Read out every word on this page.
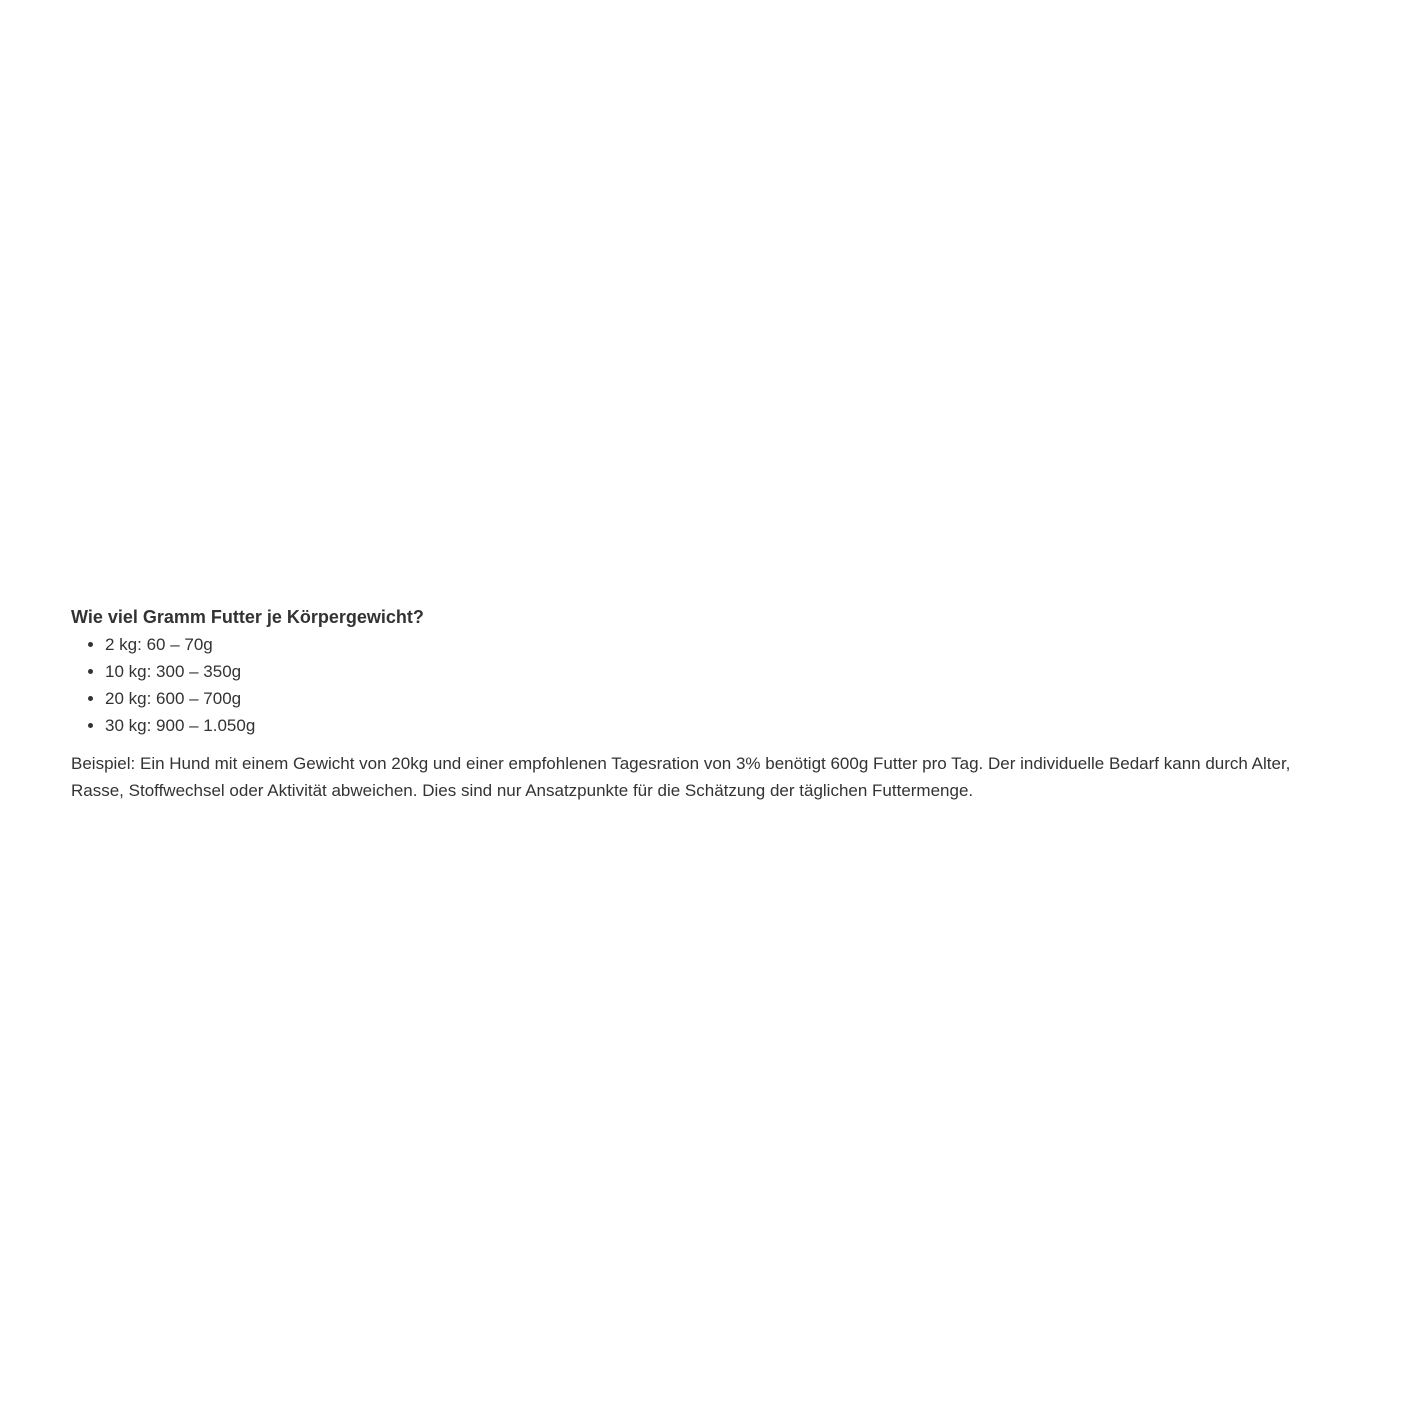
Wie viel Gramm Futter je Körpergewicht?
• 2 kg: 60 – 70g
• 10 kg: 300 – 350g
• 20 kg: 600 – 700g
• 30 kg: 900 – 1.050g

Beispiel: Ein Hund mit einem Gewicht von 20kg und einer empfohlenen Tagesration von 3% benötigt 600g Futter pro Tag. Der individuelle Bedarf kann durch Alter, Rasse, Stoffwechsel oder Aktivität abweichen. Dies sind nur Ansatzpunkte für die Schätzung der täglichen Futtermenge.
